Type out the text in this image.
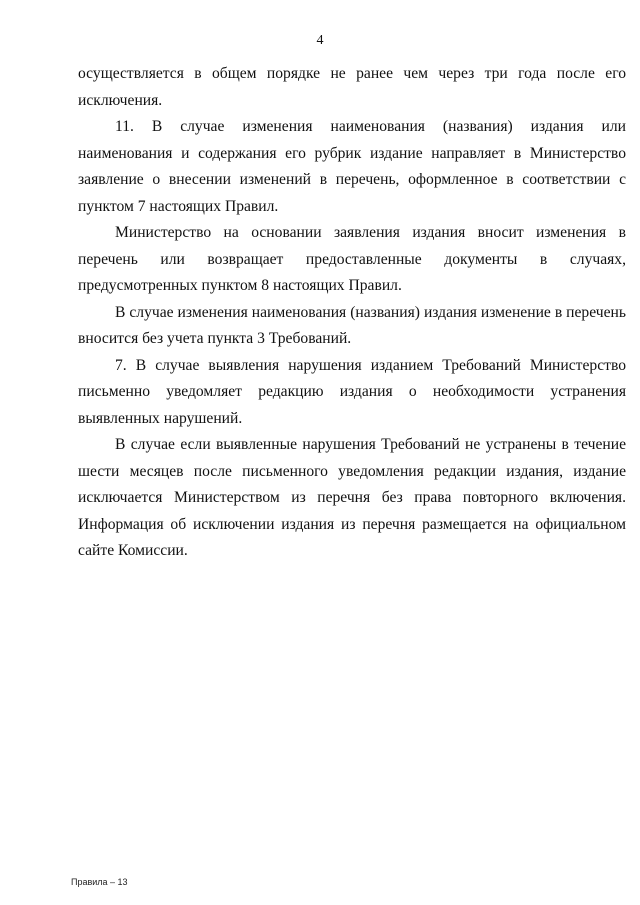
4

осуществляется в общем порядке не ранее чем через три года после его исключения.

11. В случае изменения наименования (названия) издания или наименования и содержания его рубрик издание направляет в Министерство заявление о внесении изменений в перечень, оформленное в соответствии с пунктом 7 настоящих Правил.

Министерство на основании заявления издания вносит изменения в перечень или возвращает предоставленные документы в случаях, предусмотренных пунктом 8 настоящих Правил.

В случае изменения наименования (названия) издания изменение в перечень вносится без учета пункта 3 Требований.

7. В случае выявления нарушения изданием Требований Министерство письменно уведомляет редакцию издания о необходимости устранения выявленных нарушений.

В случае если выявленные нарушения Требований не устранены в течение шести месяцев после письменного уведомления редакции издания, издание исключается Министерством из перечня без права повторного включения. Информация об исключении издания из перечня размещается на официальном сайте Комиссии.

Правила – 13
